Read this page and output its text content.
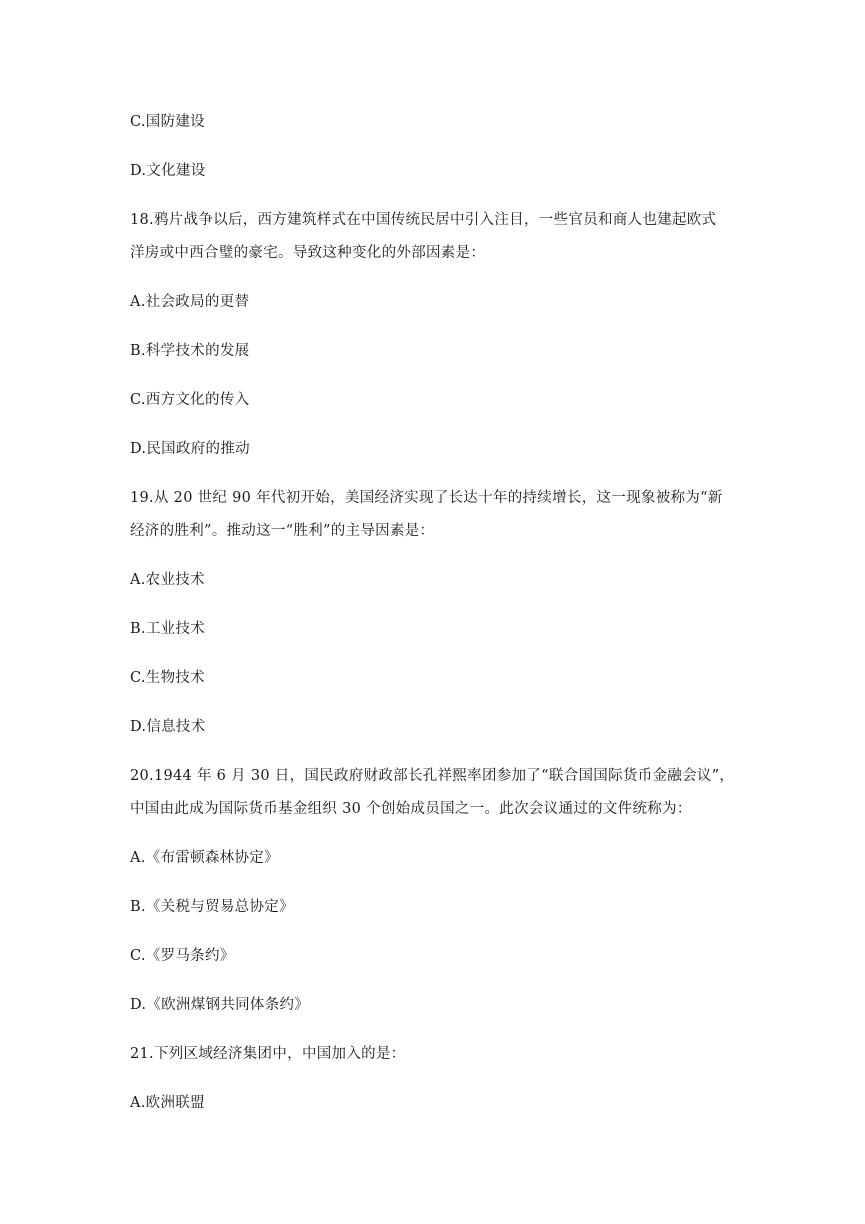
C.国防建设
D.文化建设
18.鸦片战争以后，西方建筑样式在中国传统民居中引入注目，一些官员和商人也建起欧式
洋房或中西合璧的豪宅。导致这种变化的外部因素是：
A.社会政局的更替
B.科学技术的发展
C.西方文化的传入
D.民国政府的推动
19.从 20 世纪 90 年代初开始，美国经济实现了长达十年的持续增长，这一现象被称为“新
经济的胜利”。推动这一“胜利”的主导因素是：
A.农业技术
B.工业技术
C.生物技术
D.信息技术
20.1944 年 6 月 30 日，国民政府财政部长孔祥熙率团参加了“联合国国际货币金融会议”，
中国由此成为国际货币基金组织 30 个创始成员国之一。此次会议通过的文件统称为：
A.《布雷顿森林协定》
B.《关税与贸易总协定》
C.《罗马条约》
D.《欧洲煤钢共同体条约》
21.下列区域经济集团中，中国加入的是：
A.欧洲联盟
